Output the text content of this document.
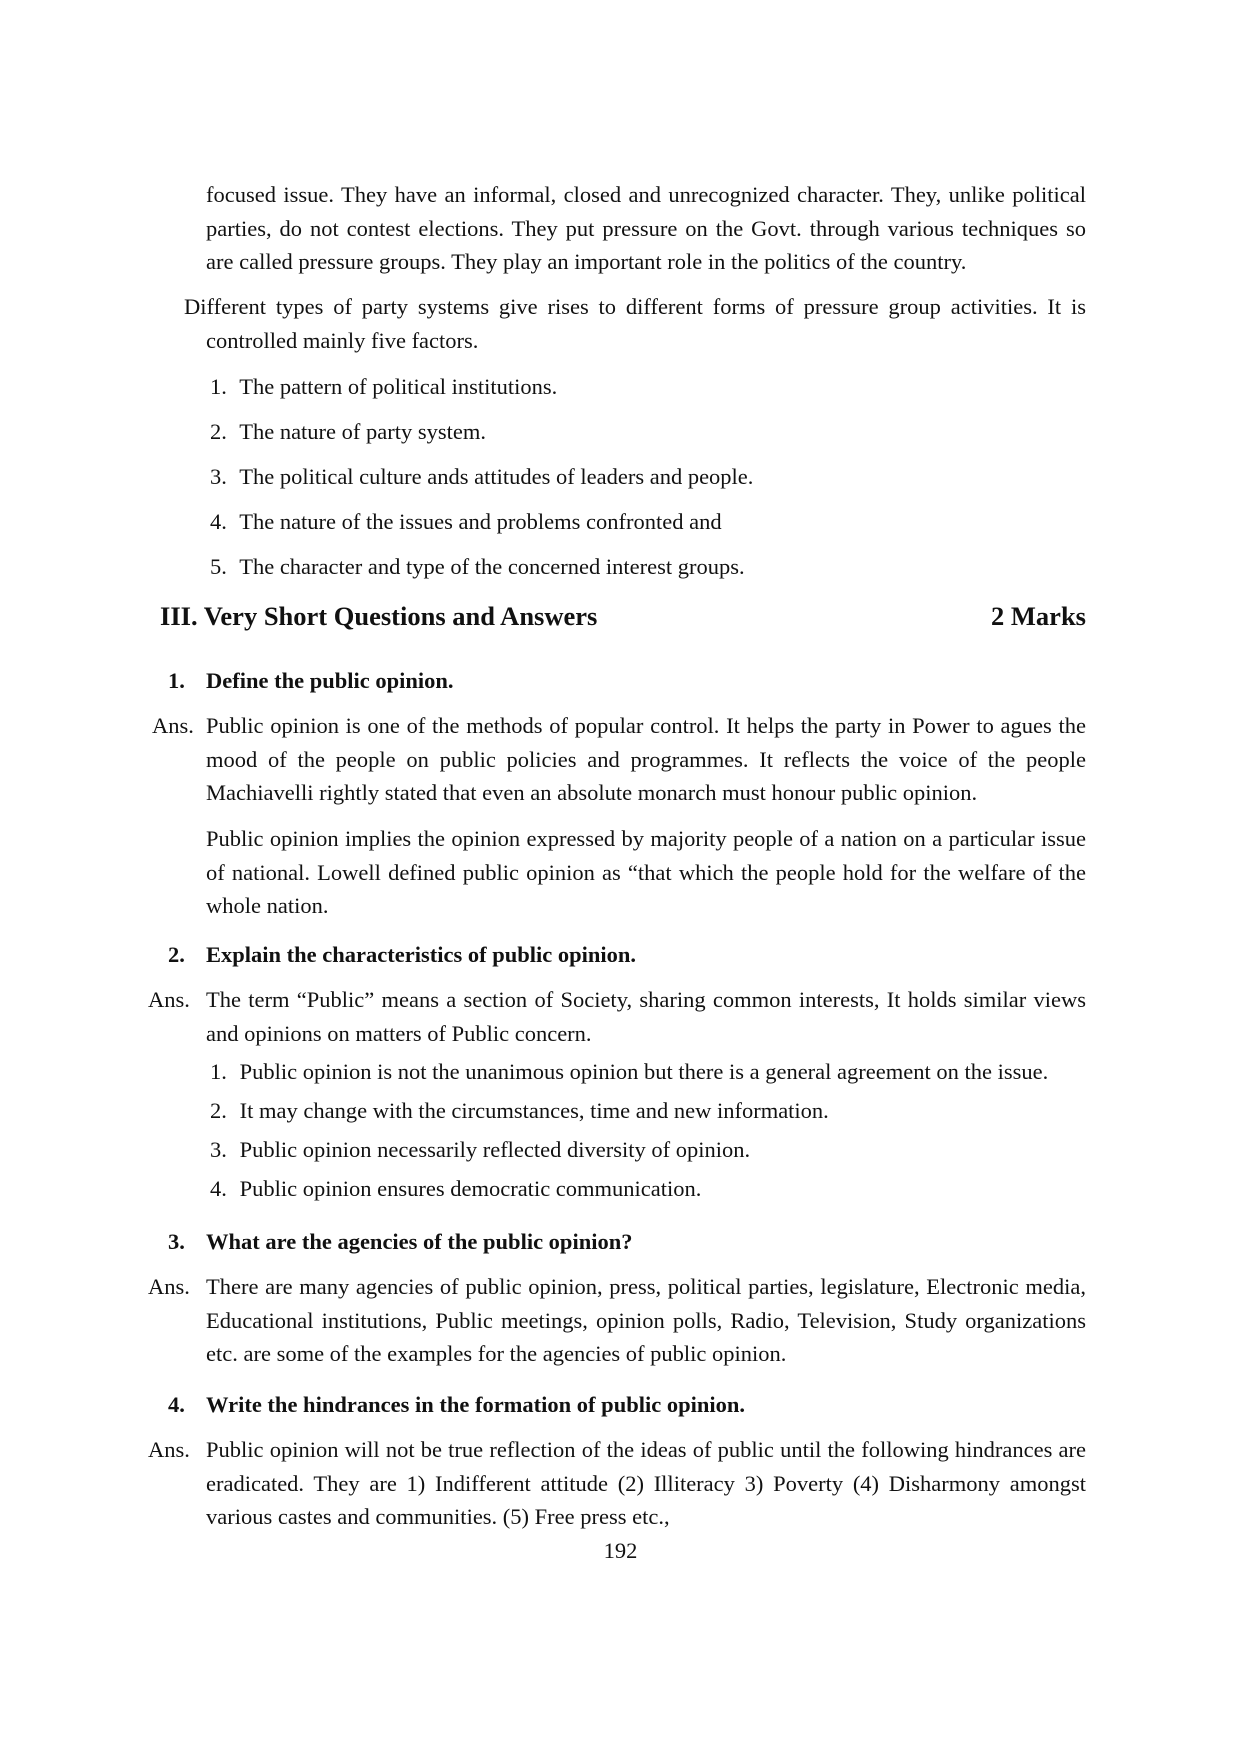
focused issue. They have an informal, closed and unrecognized character. They, unlike political parties, do not contest elections. They put pressure on the Govt. through various techniques so are called pressure groups. They play an important role in the politics of the country.

Different types of party systems give rises to different forms of pressure group activities. It is controlled mainly five factors.

1. The pattern of political institutions.
2. The nature of party system.
3. The political culture ands attitudes of leaders and people.
4. The nature of the issues and problems confronted and
5. The character and type of the concerned interest groups.
III. Very Short Questions and Answers	2 Marks
1. Define the public opinion.
Ans. Public opinion is one of the methods of popular control. It helps the party in Power to agues the mood of the people on public policies and programmes. It reflects the voice of the people Machiavelli rightly stated that even an absolute monarch must honour public opinion.

Public opinion implies the opinion expressed by majority people of a nation on a particular issue of national. Lowell defined public opinion as “that which the people hold for the welfare of the whole nation.

2. Explain the characteristics of public opinion.
Ans. The term “Public” means a section of Society, sharing common interests, It holds similar views and opinions on matters of Public concern.

1. Public opinion is not the unanimous opinion but there is a general agreement on the issue.
2. It may change with the circumstances, time and new information.
3. Public opinion necessarily reflected diversity of opinion.
4. Public opinion ensures democratic communication.
3. What are the agencies of the public opinion?
Ans. There are many agencies of public opinion, press, political parties, legislature, Electronic media, Educational institutions, Public meetings, opinion polls, Radio, Television, Study organizations etc. are some of the examples for the agencies of public opinion.

4. Write the hindrances in the formation of public opinion.
Ans. Public opinion will not be true reflection of the ideas of public until the following hindrances are eradicated. They are 1) Indifferent attitude (2) Illiteracy 3) Poverty (4) Disharmony amongst various castes and communities. (5) Free press etc.,

192
